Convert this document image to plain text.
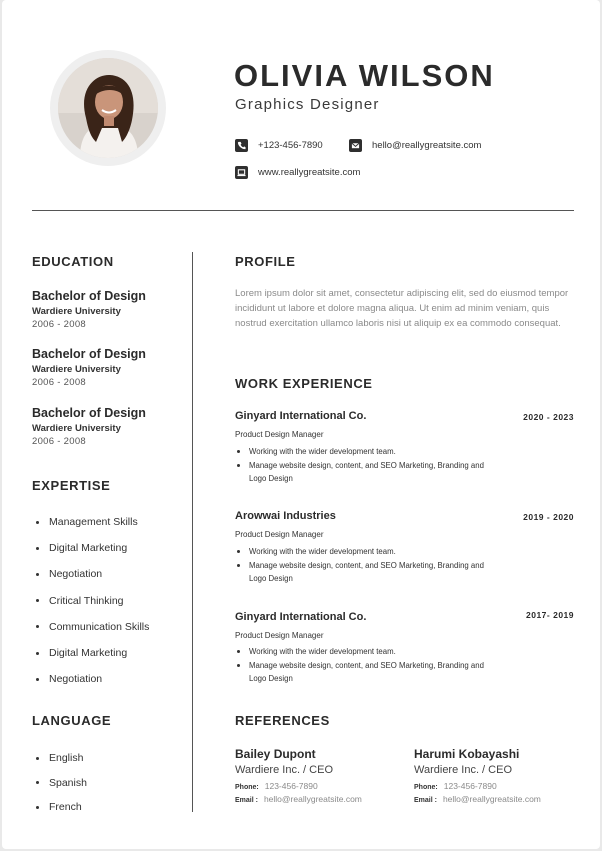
OLIVIA WILSON
Graphics Designer
+123-456-7890	hello@reallygreatsite.com
www.reallygreatsite.com
EDUCATION
Bachelor of Design
Wardiere University
2006 - 2008
Bachelor of Design
Wardiere University
2006 - 2008
Bachelor of Design
Wardiere University
2006 - 2008
EXPERTISE
Management Skills
Digital Marketing
Negotiation
Critical Thinking
Communication Skills
Digital Marketing
Negotiation
LANGUAGE
English
Spanish
French
PROFILE
Lorem ipsum dolor sit amet, consectetur adipiscing elit, sed do eiusmod tempor incididunt ut labore et dolore magna aliqua. Ut enim ad minim veniam, quis nostrud exercitation ullamco laboris nisi ut aliquip ex ea commodo consequat.
WORK EXPERIENCE
Ginyard International Co.	2020 - 2023
Product Design Manager
Working with the wider development team.
Manage website design, content, and SEO Marketing, Branding and Logo Design
Arowwai Industries	2019 - 2020
Product Design Manager
Working with the wider development team.
Manage website design, content, and SEO Marketing, Branding and Logo Design
Ginyard International Co.	2017- 2019
Product Design Manager
Working with the wider development team.
Manage website design, content, and SEO Marketing, Branding and Logo Design
REFERENCES
Bailey Dupont
Wardiere Inc. / CEO
Phone: 123-456-7890
Email : hello@reallygreatsite.com
Harumi Kobayashi
Wardiere Inc. / CEO
Phone: 123-456-7890
Email : hello@reallygreatsite.com
